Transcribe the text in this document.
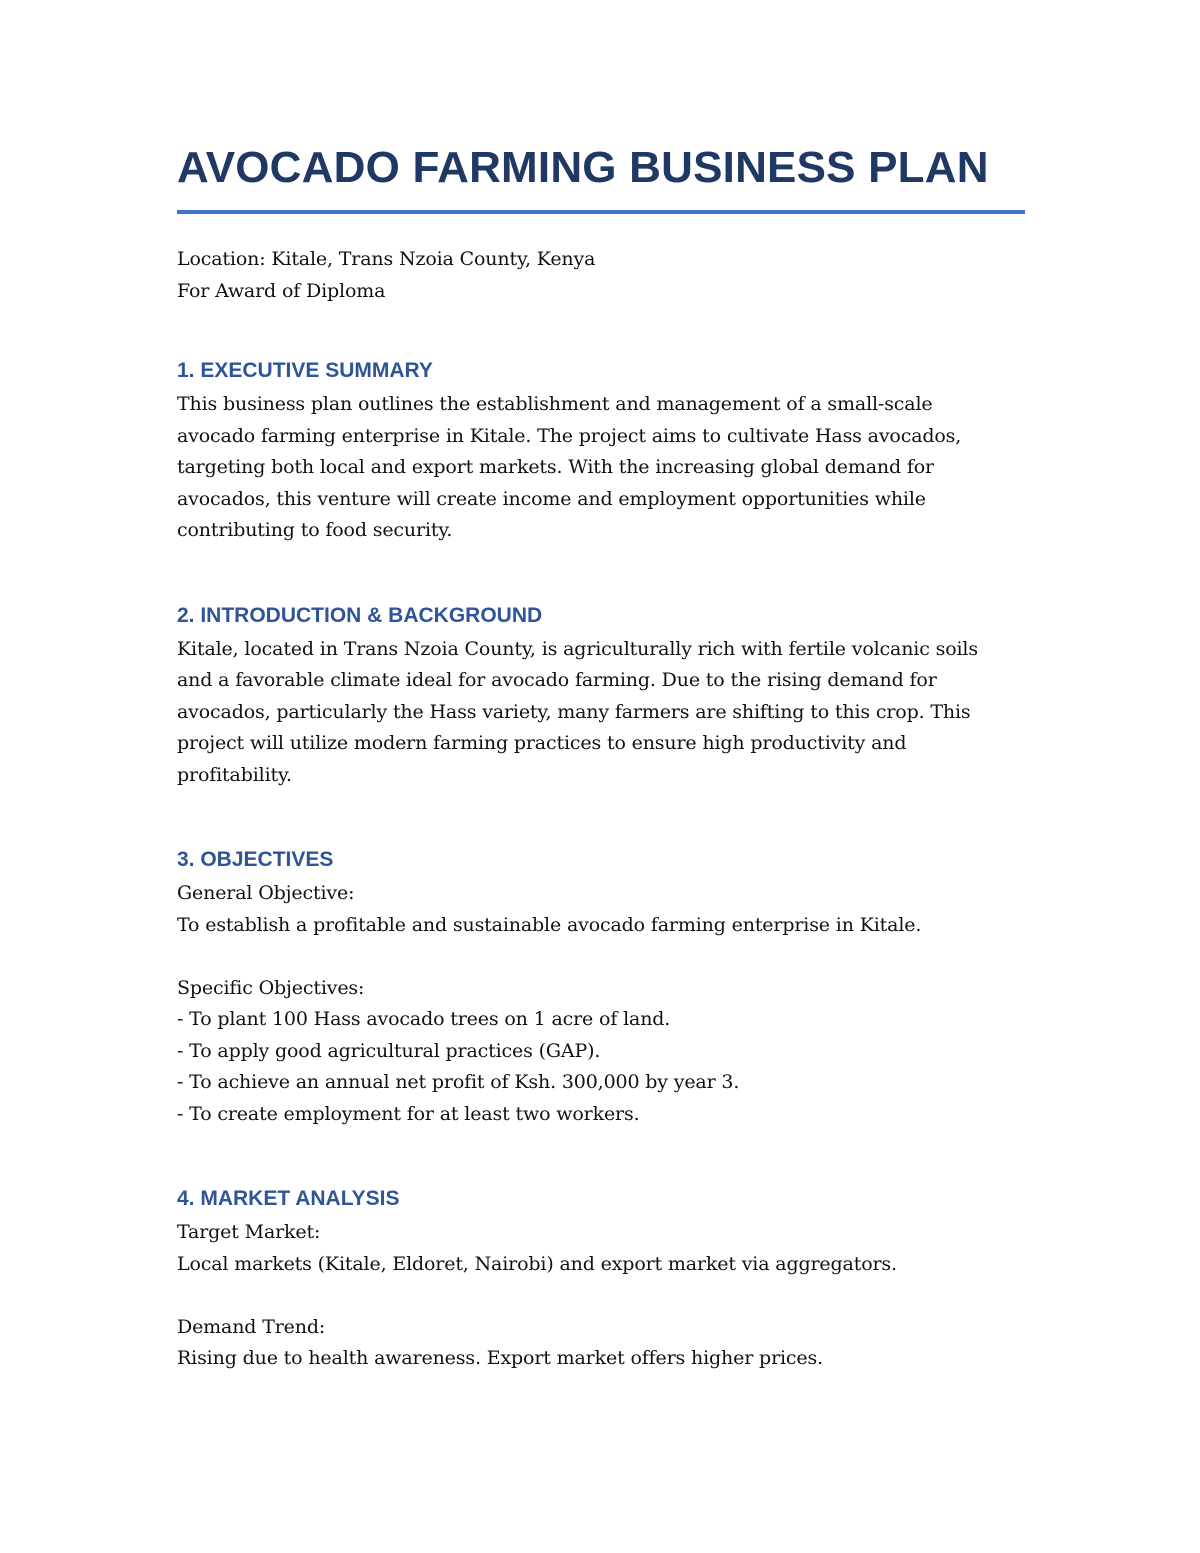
AVOCADO FARMING BUSINESS PLAN
Location: Kitale, Trans Nzoia County, Kenya
For Award of Diploma
1. EXECUTIVE SUMMARY
This business plan outlines the establishment and management of a small-scale
avocado farming enterprise in Kitale. The project aims to cultivate Hass avocados,
targeting both local and export markets. With the increasing global demand for
avocados, this venture will create income and employment opportunities while
contributing to food security.
2. INTRODUCTION & BACKGROUND
Kitale, located in Trans Nzoia County, is agriculturally rich with fertile volcanic soils
and a favorable climate ideal for avocado farming. Due to the rising demand for
avocados, particularly the Hass variety, many farmers are shifting to this crop. This
project will utilize modern farming practices to ensure high productivity and
profitability.
3. OBJECTIVES
General Objective:
To establish a profitable and sustainable avocado farming enterprise in Kitale.
Specific Objectives:
- To plant 100 Hass avocado trees on 1 acre of land.
- To apply good agricultural practices (GAP).
- To achieve an annual net profit of Ksh. 300,000 by year 3.
- To create employment for at least two workers.
4. MARKET ANALYSIS
Target Market:
Local markets (Kitale, Eldoret, Nairobi) and export market via aggregators.
Demand Trend:
Rising due to health awareness. Export market offers higher prices.
